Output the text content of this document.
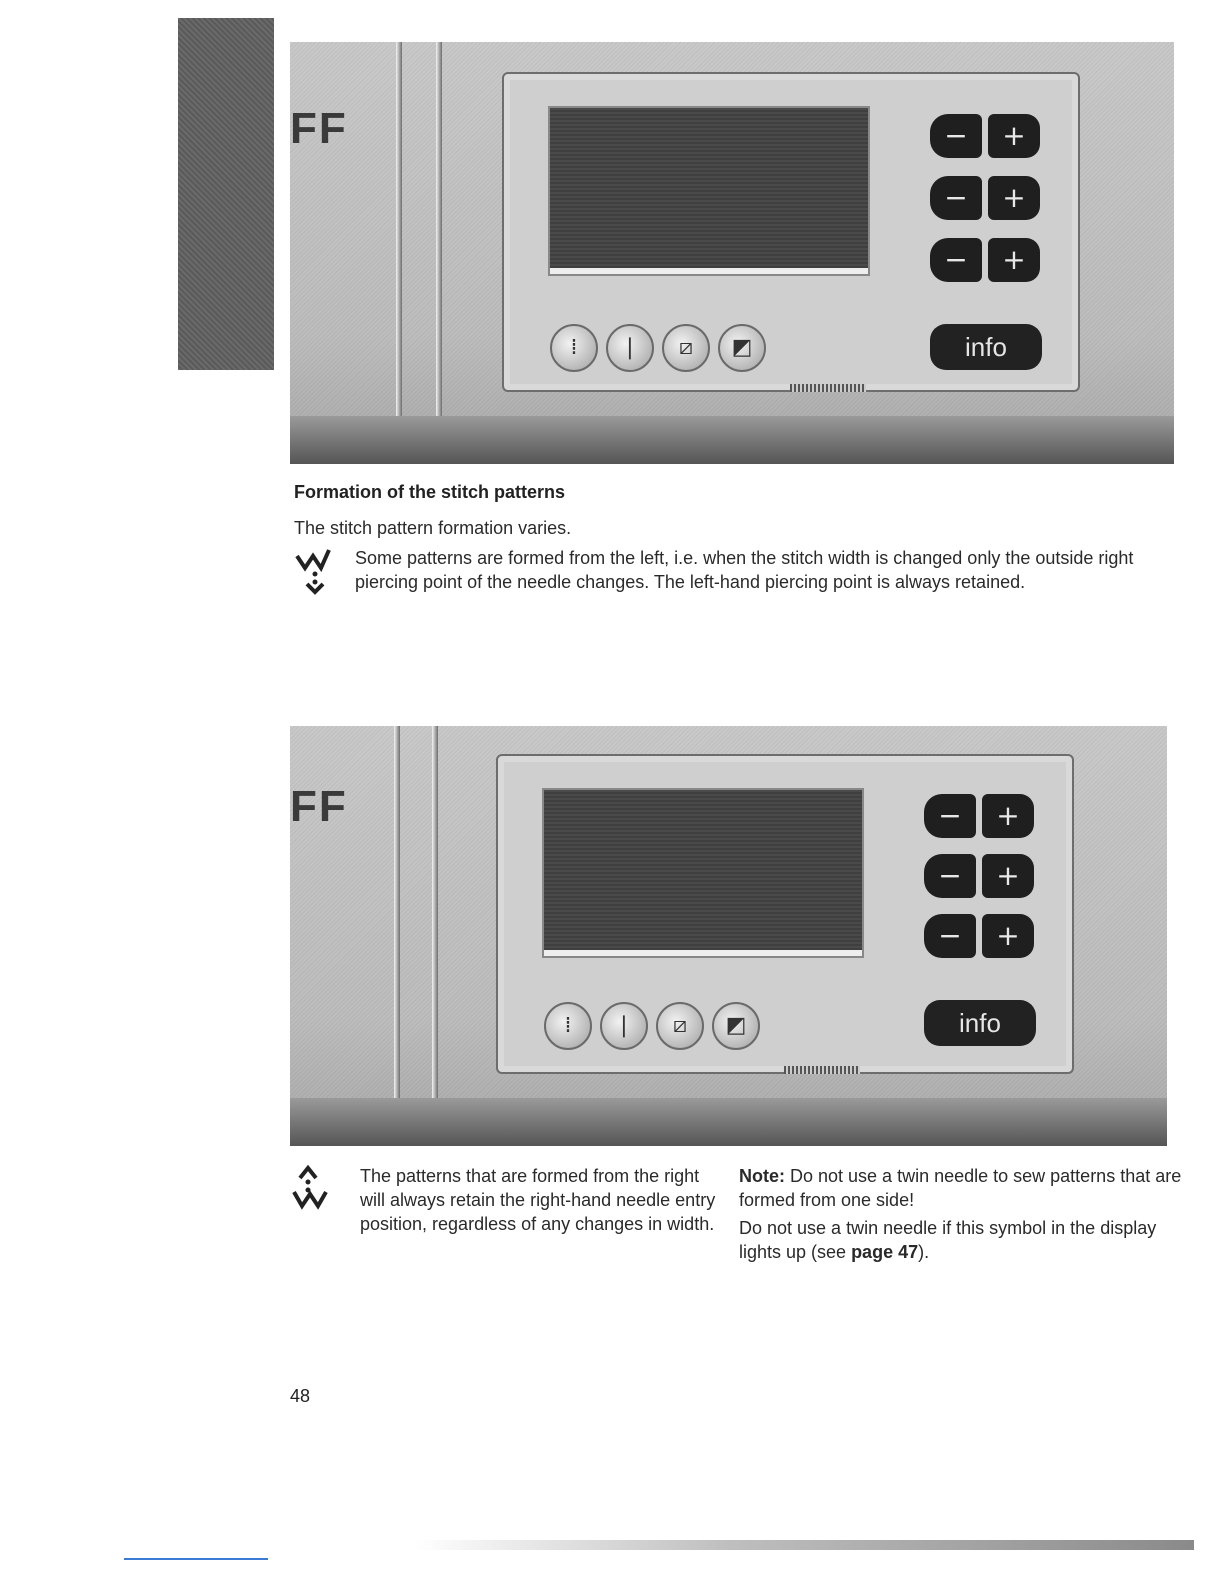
FF	−	+
−	+
−	+
⁞	❘	⧄	◩	info
Formation of the stitch patterns
The stitch pattern formation varies.
Some patterns are formed from the left, i.e. when the stitch width is changed only the outside right piercing point of the needle changes. The left-hand piercing point is always retained.
FF	−	+
−	+
−	+
⁞	❘	⧄	◩	info
The patterns that are formed from the right will always retain the right-hand needle entry position, regardless of any changes in width.
Note: Do not use a twin needle to sew patterns that are formed from one side!
Do not use a twin needle if this symbol in the display lights up (see page 47).
48
